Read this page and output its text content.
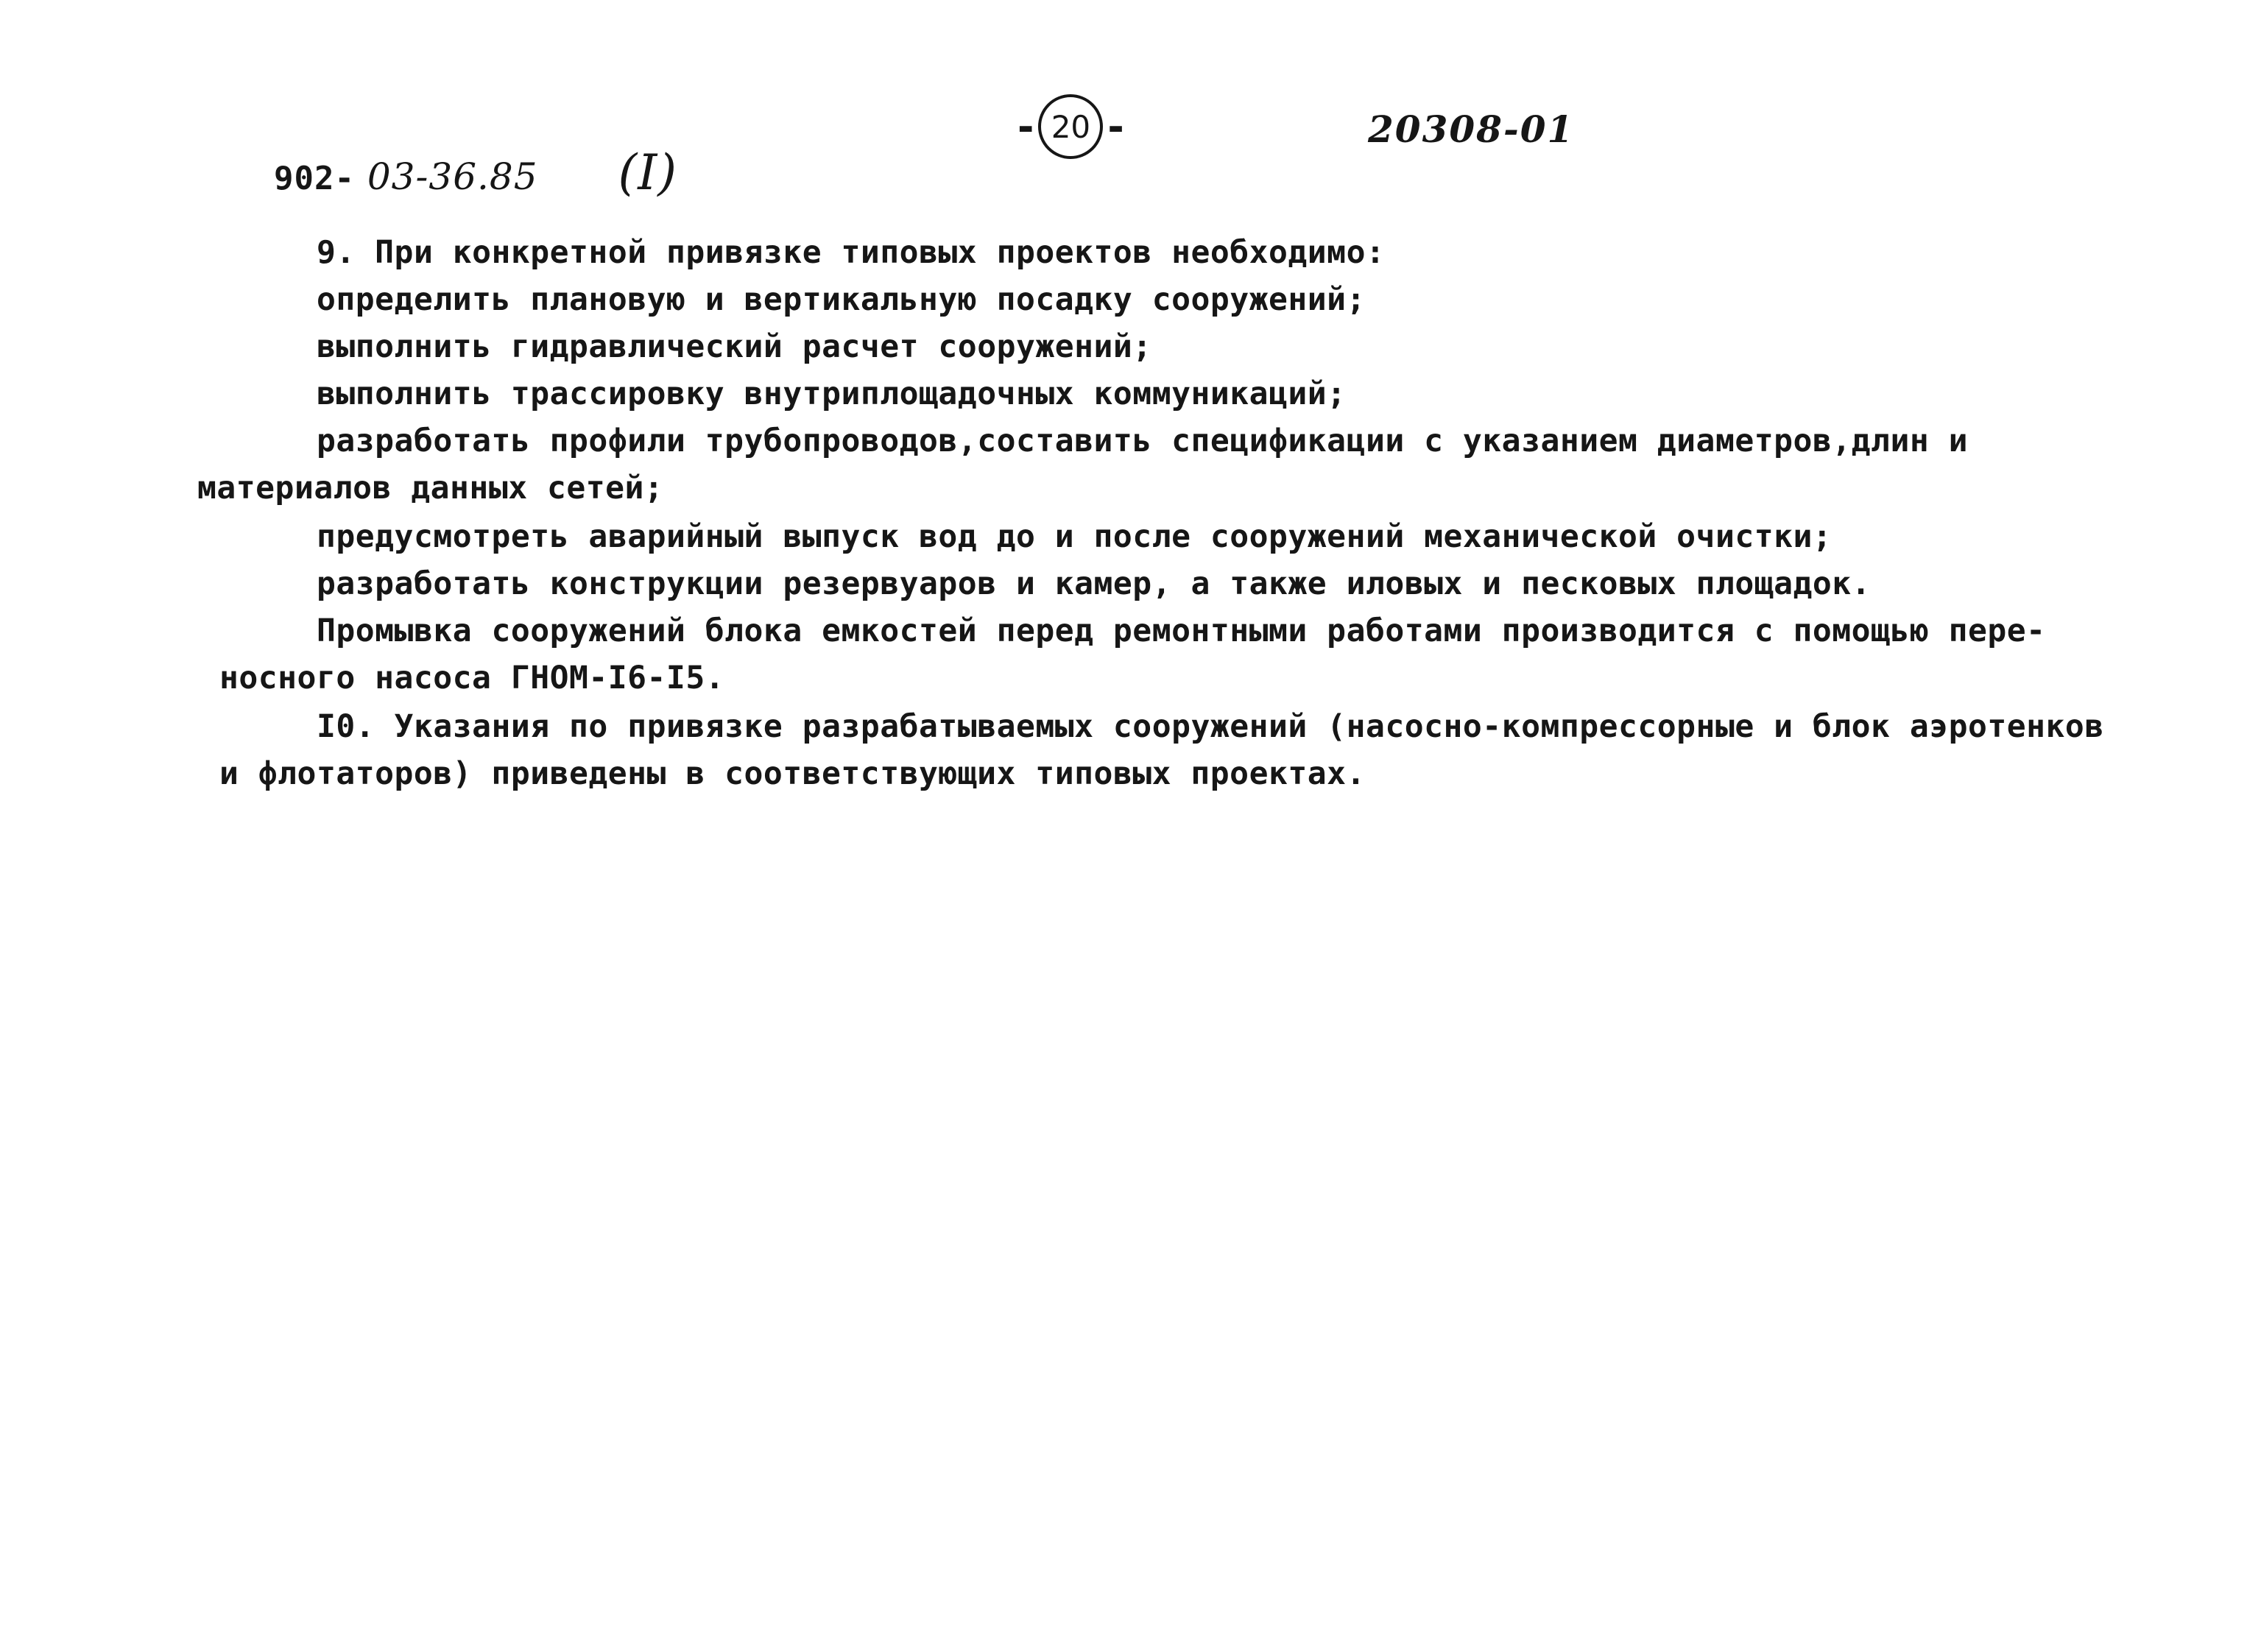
902- 03-36.85 (I)
- 20 -	20308-01
9. При конкретной привязке типовых проектов необходимо:
определить плановую и вертикальную посадку сооружений;
выполнить гидравлический расчет сооружений;
выполнить трассировку внутриплощадочных коммуникаций;
разработать профили трубопроводов,составить спецификации с указанием диаметров,длин и
материалов данных сетей;
предусмотреть аварийный выпуск вод до и после сооружений механической очистки;
разработать конструкции резервуаров и камер, а также иловых и песковых площадок.
Промывка сооружений блока емкостей перед ремонтными работами производится с помощью пере-
носного насоса ГНОМ-I6-I5.
I0. Указания по привязке разрабатываемых сооружений (насосно-компрессорные и блок аэротенков
и флотаторов) приведены в соответствующих типовых проектах.
